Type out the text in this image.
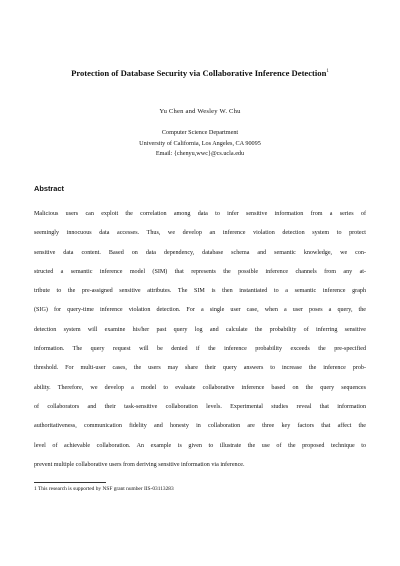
Protection of Database Security via Collaborative Inference Detection$^1$
Yu Chen and Wesley W. Chu
Computer Science Department
University of California, Los Angeles, CA 90095
Email: {chenyu,wwc}@cs.ucla.edu
Abstract
Malicious users can exploit the correlation among data to infer sensitive information from a series of
seemingly innocuous data accesses. Thus, we develop an inference violation detection system to protect
sensitive data content. Based on data dependency, database schema and semantic knowledge, we con-
structed a semantic inference model (SIM) that represents the possible inference channels from any at-
tribute to the pre-assigned sensitive attributes. The SIM is then instantiated to a semantic inference graph
(SIG) for query-time inference violation detection. For a single user case, when a user poses a query, the
detection system will examine his/her past query log and calculate the probability of inferring sensitive
information. The query request will be denied if the inference probability exceeds the pre-specified
threshold. For multi-user cases, the users may share their query answers to increase the inference prob-
ability. Therefore, we develop a model to evaluate collaborative inference based on the query sequences
of collaborators and their task-sensitive collaboration levels. Experimental studies reveal that information
authoritativeness, communication fidelity and honesty in collaboration are three key factors that affect the
level of achievable collaboration. An example is given to illustrate the use of the proposed technique to
prevent multiple collaborative users from deriving sensitive information via inference.
1 This research is supported by NSF grant number IIS-03113283
